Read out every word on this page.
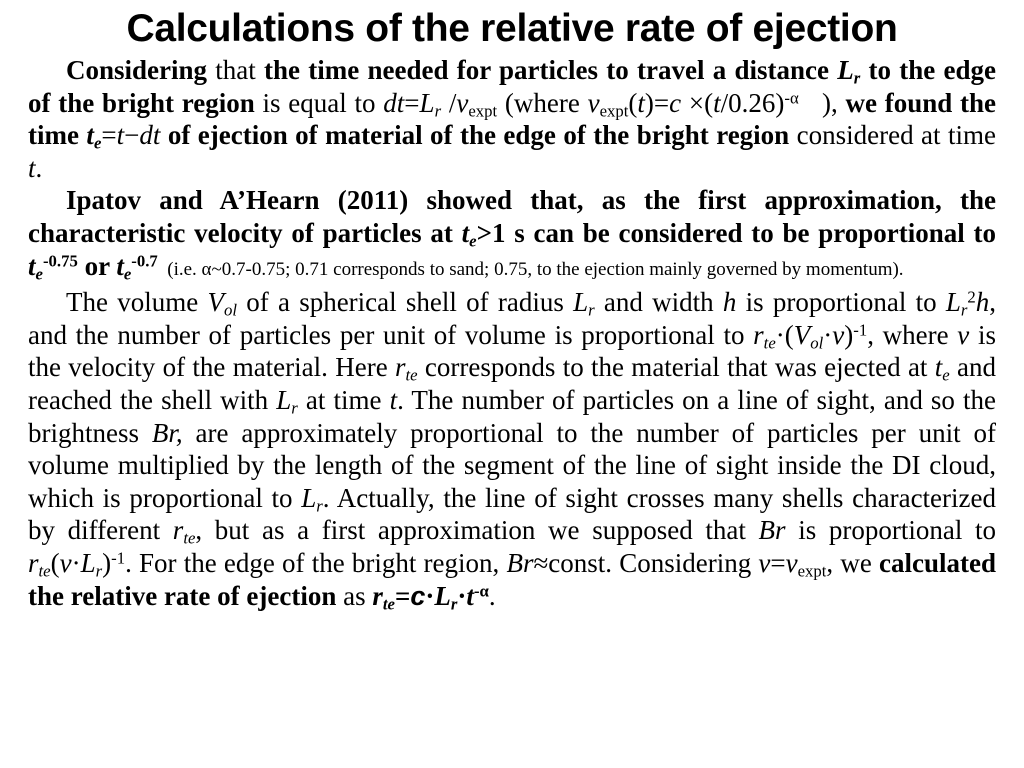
Calculations of the relative rate of ejection

Considering that the time needed for particles to travel a distance $L_r$ to the edge of the bright region is equal to $dt=L_r$ $/v_{expt}$ (where $v_{expt}(t)=c \times(t/0.26)^{-\alpha}$   ), we found the time $t_e=t-dt$ of ejection of material of the edge of the bright region considered at time t.

Ipatov and A’Hearn (2011) showed that, as the first approximation, the characteristic velocity of particles at $t_e>1$ s can be considered to be proportional to $t_e^{-0.75}$ or $t_e^{-0.7}$  (i.e. α~0.7-0.75; 0.71 corresponds to sand; 0.75, to the ejection mainly governed by momentum).

The volume $V_{ol}$ of a spherical shell of radius $L_r$ and width h is proportional to $L_r^2h$, and the number of particles per unit of volume is proportional to $r_{te}\cdot(V_{ol}\cdot v)^{-1}$, where v is the velocity of the material. Here $r_{te}$ corresponds to the material that was ejected at $t_e$ and reached the shell with $L_r$ at time t. The number of particles on a line of sight, and so the brightness Br, are approximately proportional to the number of particles per unit of volume multiplied by the length of the segment of the line of sight inside the DI cloud, which is proportional to $L_r$. Actually, the line of sight crosses many shells characterized by different $r_{te}$, but as a first approximation we supposed that Br is proportional to $r_{te}(v\cdot L_r)^{-1}$. For the edge of the bright region, Br≈const. Considering $v=v_{expt}$, we calculated the relative rate of ejection as $r_{te}=c\cdot L_r\cdot t^{-\alpha}$.
